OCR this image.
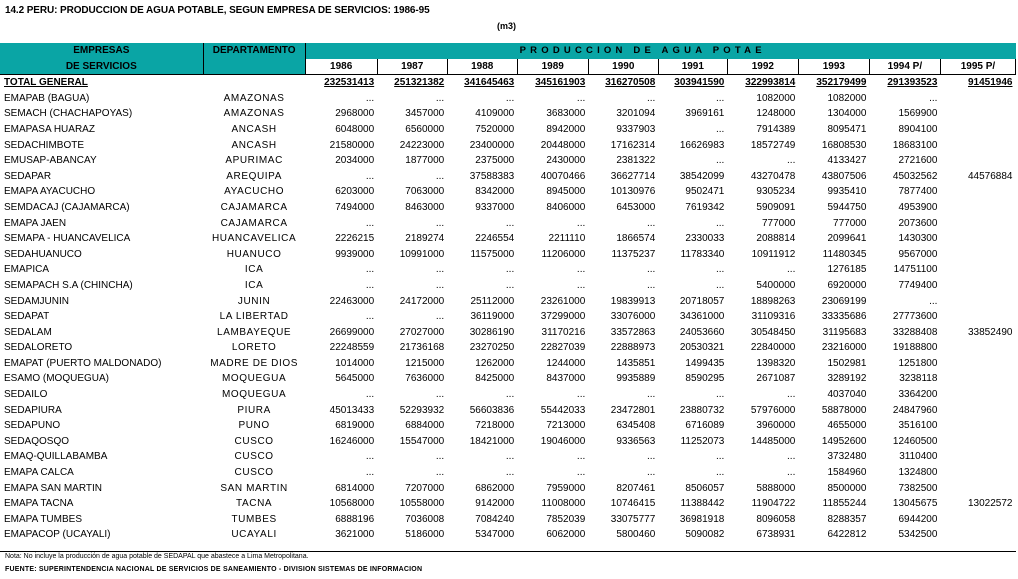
14.2 PERU: PRODUCCION DE AGUA POTABLE, SEGUN EMPRESA DE SERVICIOS: 1986-95
(m3)
EMPRESAS	DEPARTAMENTO	PRODUCCION DE AGUA POTAE									
DE SERVICIOS		1986	1987	1988	1989	1990	1991	1992	1993	1994 P/	1995 P/
TOTAL GENERAL		232531413	251321382	341645463	345161903	316270508	303941590	322993814	352179499	291393523	91451946
EMAPAB (BAGUA)	AMAZONAS	...	...	...	...	...	...	1082000	1082000	...	
SEMACH (CHACHAPOYAS)	AMAZONAS	2968000	3457000	4109000	3683000	3201094	3969161	1248000	1304000	1569900	
EMAPASA HUARAZ	ANCASH	6048000	6560000	7520000	8942000	9337903	...	7914389	8095471	8904100	
SEDACHIMBOTE	ANCASH	21580000	24223000	23400000	20448000	17162314	16626983	18572749	16808530	18683100	
EMUSAP-ABANCAY	APURIMAC	2034000	1877000	2375000	2430000	2381322	...	...	4133427	2721600	
SEDAPAR	AREQUIPA	...	...	37588383	40070466	36627714	38542099	43270478	43807506	45032562	44576884
EMAPA AYACUCHO	AYACUCHO	6203000	7063000	8342000	8945000	10130976	9502471	9305234	9935410	7877400	
SEMDACAJ (CAJAMARCA)	CAJAMARCA	7494000	8463000	9337000	8406000	6453000	7619342	5909091	5944750	4953900	
EMAPA JAEN	CAJAMARCA	...	...	...	...	...	...	777000	777000	2073600	
SEMAPA - HUANCAVELICA	HUANCAVELICA	2226215	2189274	2246554	2211110	1866574	2330033	2088814	2099641	1430300	
SEDAHUANUCO	HUANUCO	9939000	10991000	11575000	11206000	11375237	11783340	10911912	11480345	9567000	
EMAPICA	ICA	...	...	...	...	...	...	...	1276185	14751100	
SEMAPACH S.A (CHINCHA)	ICA	...	...	...	...	...	...	5400000	6920000	7749400	
SEDAMJUNIN	JUNIN	22463000	24172000	25112000	23261000	19839913	20718057	18898263	23069199	...	
SEDAPAT	LA LIBERTAD	...	...	36119000	37299000	33076000	34361000	31109316	33335686	27773600	
SEDALAM	LAMBAYEQUE	26699000	27027000	30286190	31170216	33572863	24053660	30548450	31195683	33288408	33852490
SEDALORETO	LORETO	22248559	21736168	23270250	22827039	22888973	20530321	22840000	23216000	19188800	
EMAPAT (PUERTO MALDONADO)	MADRE DE DIOS	1014000	1215000	1262000	1244000	1435851	1499435	1398320	1502981	1251800	
ESAMO (MOQUEGUA)	MOQUEGUA	5645000	7636000	8425000	8437000	9935889	8590295	2671087	3289192	3238118	
SEDAILO	MOQUEGUA	...	...	...	...	...	...	...	4037040	3364200	
SEDAPIURA	PIURA	45013433	52293932	56603836	55442033	23472801	23880732	57976000	58878000	24847960	
SEDAPUNO	PUNO	6819000	6884000	7218000	7213000	6345408	6716089	3960000	4655000	3516100	
SEDAQOSQO	CUSCO	16246000	15547000	18421000	19046000	9336563	11252073	14485000	14952600	12460500	
EMAQ-QUILLABAMBA	CUSCO	...	...	...	...	...	...	...	3732480	3110400	
EMAPA CALCA	CUSCO	...	...	...	...	...	...	...	1584960	1324800	
EMAPA SAN MARTIN	SAN MARTIN	6814000	7207000	6862000	7959000	8207461	8506057	5888000	8500000	7382500	
EMAPA TACNA	TACNA	10568000	10558000	9142000	11008000	10746415	11388442	11904722	11855244	13045675	13022572
EMAPA TUMBES	TUMBES	6888196	7036008	7084240	7852039	33075777	36981918	8096058	8288357	6944200	
EMAPACOP (UCAYALI)	UCAYALI	3621000	5186000	5347000	6062000	5800460	5090082	6738931	6422812	5342500	
Nota: No incluye la producción de agua potable de SEDAPAL que abastece a Lima Metropolitana.
FUENTE: SUPERINTENDENCIA NACIONAL DE SERVICIOS DE SANEAMIENTO - DIVISION SISTEMAS DE INFORMACION
